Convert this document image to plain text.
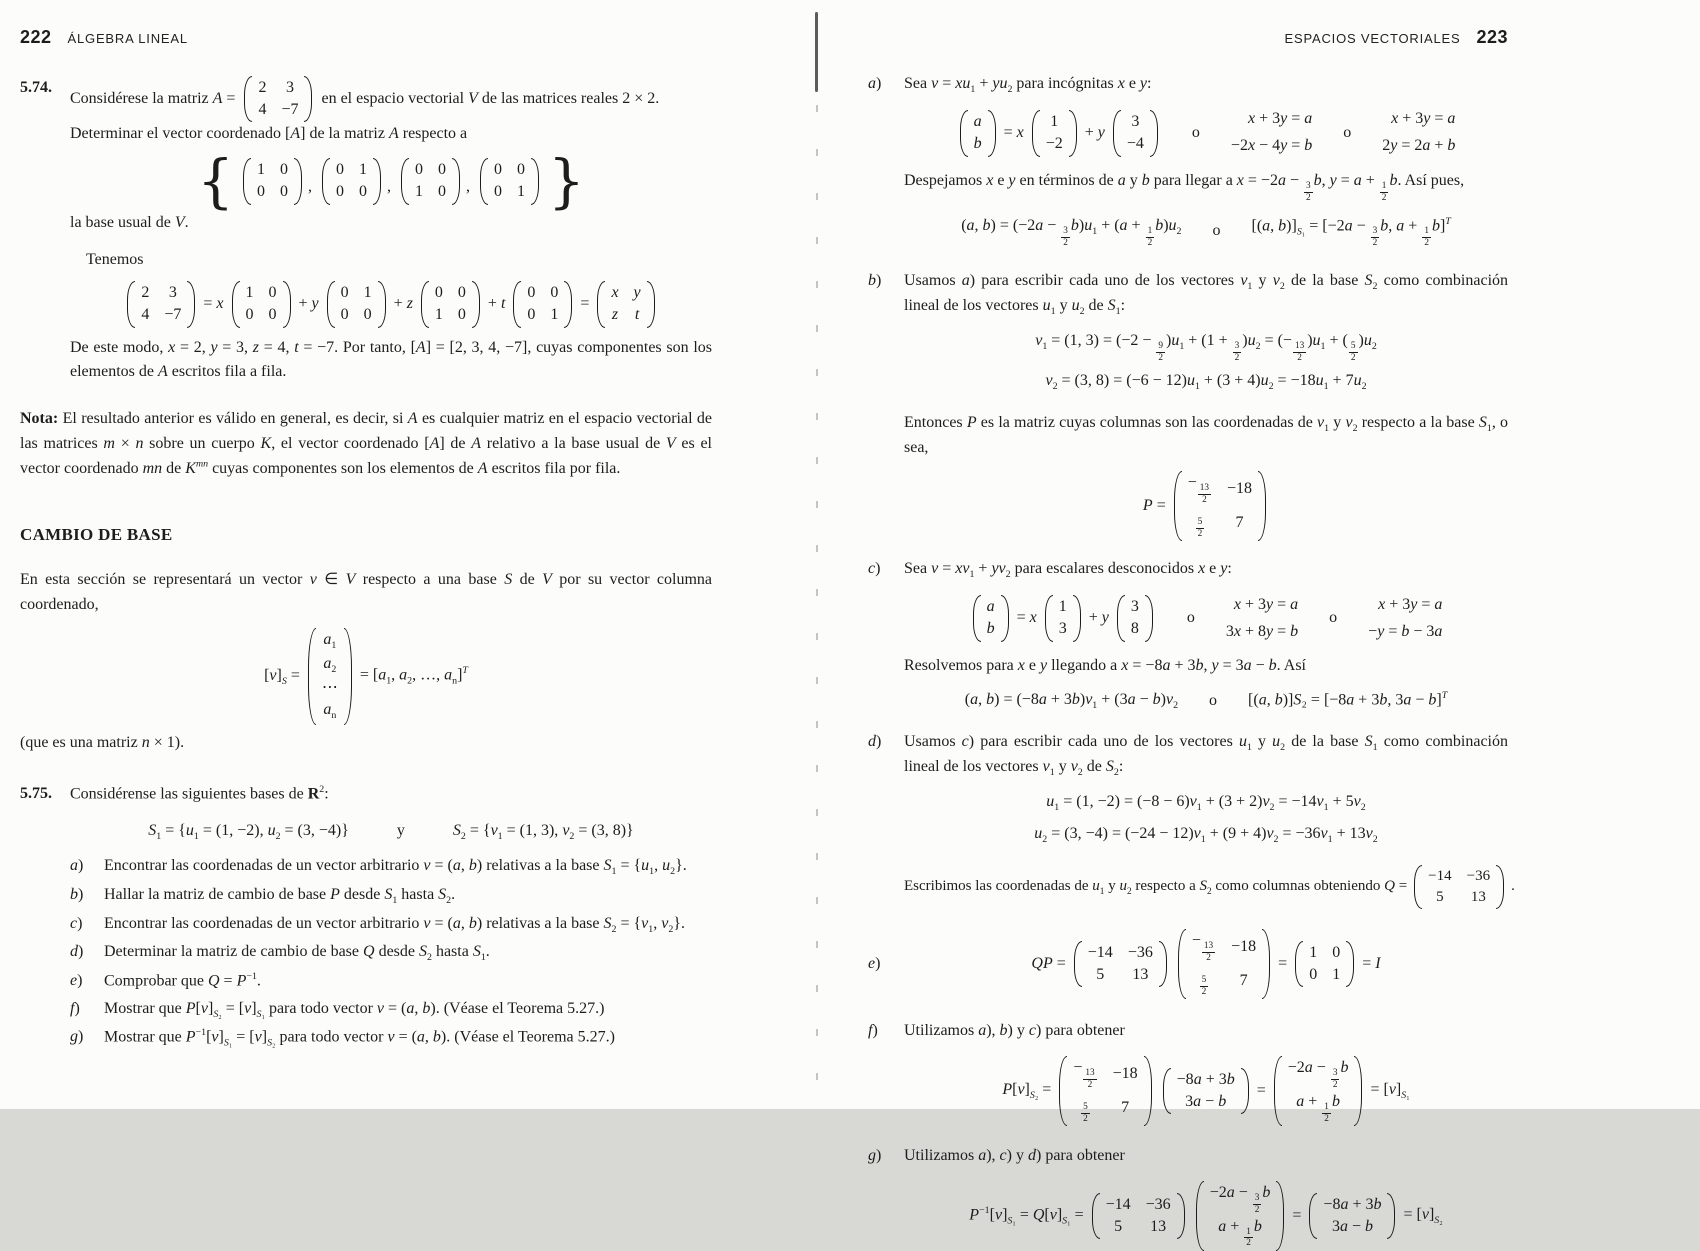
222 ÁLGEBRA LINEAL
5.74.
Considérese la matriz A =
2 3
4 −7
en el espacio vectorial V de las matrices reales 2 × 2.
Determinar el vector coordenado [A] de la matriz A respecto a
{ 1 0
0 0 ,
0 1
0 0 ,
0 0
1 0 ,
0 0
0 1 }
la base usual de V.
Tenemos
2 3
4 −7
= x
1 0
0 0
+ y
0 1
0 0
+ z
0 0
1 0
+ t
0 0
0 1
=
x y
z t
De este modo, x = 2, y = 3, z = 4, t = −7. Por tanto, [A] = [2, 3, 4, −7], cuyas componentes son los elementos de A escritos fila a fila.

Nota: El resultado anterior es válido en general, es decir, si A es cualquier matriz en el espacio vectorial de las matrices m × n sobre un cuerpo K, el vector coordenado [A] de A relativo a la base usual de V es el vector coordenado mn de $K^{mn}$ cuyas componentes son los elementos de A escritos fila por fila.

CAMBIO DE BASE

En esta sección se representará un vector v ∈ V respecto a una base S de V por su vector columna coordenado,

$[v]_S$ =
$a_1$
$a_2$
⋯
$a_n$
= [$a_1$, $a_2$, …, $a_n]^T$

(que es una matriz n × 1).

5.75.	Considérense las siguientes bases de $R^2$:
$S_1 = \{u_1 = (1$, −2), $u_2 = (3$, −4)}   y   $S_2 = \{v_1 = (1$, 3), $v_2 = (3$, 8)}
a)	Encontrar las coordenadas de un vector arbitrario v = (a, b) relativas a la base $S_1 = \{u_1$, $u_2$}.
b)	Hallar la matriz de cambio de base P desde $S_1$ hasta $S_2$.
c)	Encontrar las coordenadas de un vector arbitrario v = (a, b) relativas a la base $S_2 = \{v_1$, $v_2$}.
d)	Determinar la matriz de cambio de base Q desde $S_2$ hasta $S_1$.
e)	Comprobar que $Q = P^{-1}$.
f)	Mostrar que $P[v]_{S_2} = [v]_{S_1}$ para todo vector v = (a, b). (Véase el Teorema 5.27.)
g)	Mostrar que $P^{-1}[v]_{S_1} = [v]_{S_2}$ para todo vector v = (a, b). (Véase el Teorema 5.27.)
ESPACIOS VECTORIALES 223
a)	Sea $v = xu_1 + yu_2$ para incógnitas x e y:
a
b
= x
1
−2
+ y
3
−4
o
x + 3y = a
−2x − 4y = b
o
x + 3y = a
2y = 2a + b
Despejamos x e y en términos de a y b para llegar a x = −2a −
$\frac{3}{2}$
b, y = a +
$\frac{1}{2}$
b. Así pues,
(a, b) = (−2a −
$\frac{3}{2}$
$b)u_1 + (a$ +
$\frac{1}{2}$
$b)u_2$ o [(a, $b)]_{S_1} = [-2a$ −
$\frac{3}{2}$
b, a +
$\frac{1}{2}$
b]$^T$
b)	Usamos a) para escribir cada uno de los vectores $v_1$ y $v_2$ de la base $S_2$ como combinación lineal de los vectores $u_1$ y $u_2$ de $S_1$:
$v_1 = (1$, 3) = (−2 −
$\frac{9}{2}$
)$u_1 + (1$ +
$\frac{3}{2}$
)$u_2$ = (−
$\frac{13}{2}$
)$u_1$ + (
$\frac{5}{2}$
)$u_2$
$v_2 = (3$, $8) = (-6 - 12)u_1 + (3 + 4)u_2 = -18u_1 + 7u_2$
Entonces P es la matriz cuyas columnas son las coordenadas de $v_1$ y $v_2$ respecto a la base $S_1$, o sea,
P =
−
$\frac{13}{2} -18$
$\frac{5}{2} 7$
c)	Sea $v = xv_1 + yv_2$ para escalares desconocidos x e y:
a
b
= x
1
3
+ y
3
8
o
x + 3y = a
3x + 8y = b
o
x + 3y = a
−y = b − 3a
Resolvemos para x e y llegando a x = −8a + 3b, y = 3a − b. Así
(a, $b) = (-8a + 3b)v_1 + (3a - b)v_2$ o [(a, b)]S₂ = [−8a + 3b, 3a − b]$^T$
d)	Usamos c) para escribir cada uno de los vectores $u_1$ y $u_2$ de la base $S_1$ como combinación lineal de los vectores $v_1$ y $v_2$ de $S_2$:
$u_1 = (1$, $-2) = (-8 - 6)v_1 + (3 + 2)v_2 = -14v_1 + 5v_2$
$u_2 = (3$, $-4) = (-24 - 12)v_1 + (9 + 4)v_2 = -36v_1 + 13v_2$
Escribimos las coordenadas de $u_1$ y $u_2$ respecto a $S_2$ como columnas obteniendo Q =
−14 −36
5 13
.
e)	QP =
−14 −36
5 13
−
$\frac{13}{2} -18$
$\frac{5}{2} 7$
=
1 0
0 1
= I
f)	Utilizamos a), b) y c) para obtener
$P[v]_{S_2}$ =
−
$\frac{13}{2} -18$
$\frac{5}{2} 7$
−8a + 3b
3a − b
=
−2a −
$\frac{3}{2}$
b
a +
$\frac{1}{2}$
b
= $[v]_{S_1}$
g)	Utilizamos a), c) y d) para obtener
$P^{-1}[v]_{S_1} = Q[v]_{S_1}$ =
−14 −36
5 13
−2a −
$\frac{3}{2}$
b
a +
$\frac{1}{2}$
b
=
−8a + 3b
3a − b
= $[v]_{S_2}$
